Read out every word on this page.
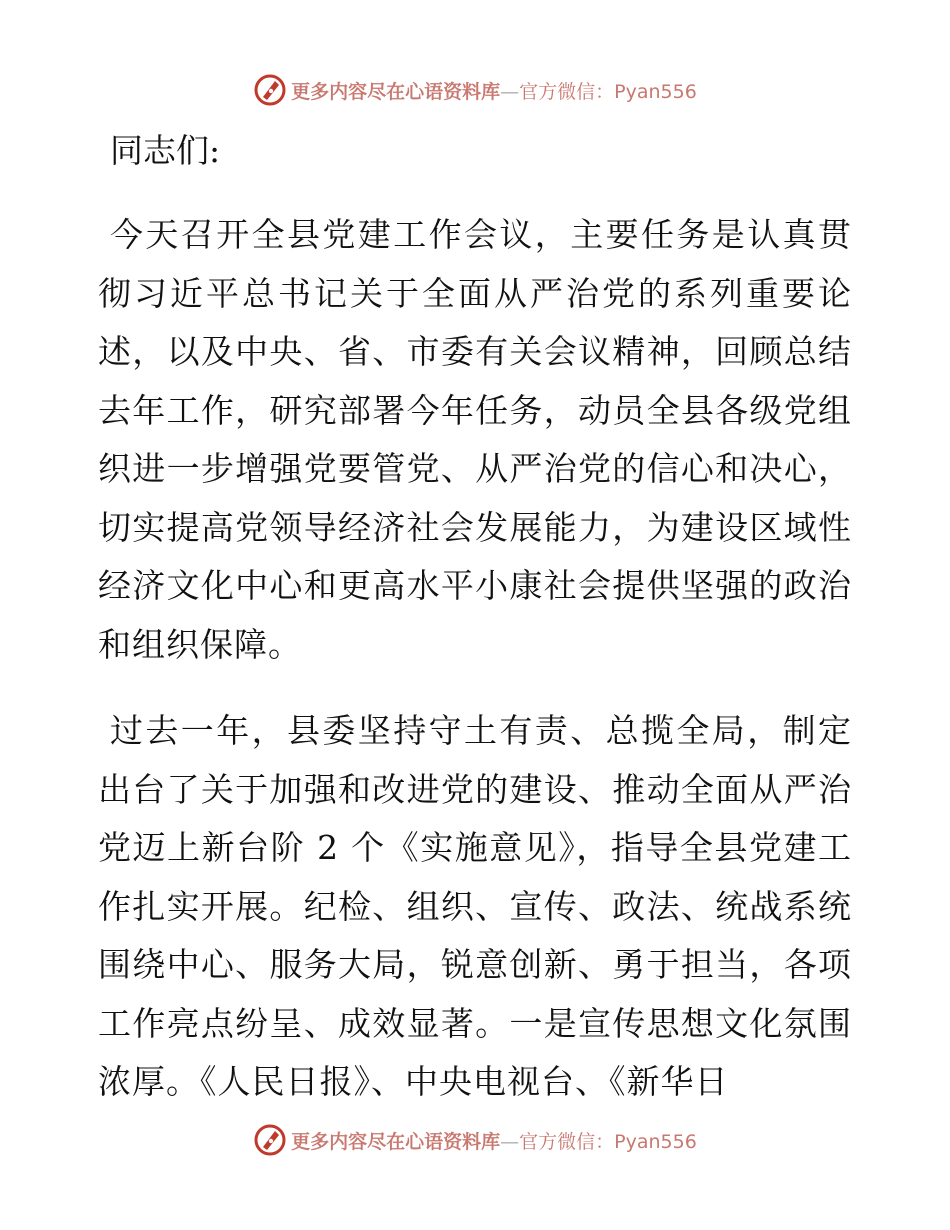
更多内容尽在心语资料库—官方微信：Pyan556
同志们:

今天召开全县党建工作会议，主要任务是认真贯彻习近平总书记关于全面从严治党的系列重要论述，以及中央、省、市委有关会议精神，回顾总结去年工作，研究部署今年任务，动员全县各级党组织进一步增强党要管党、从严治党的信心和决心，切实提高党领导经济社会发展能力，为建设区域性经济文化中心和更高水平小康社会提供坚强的政治和组织保障。

过去一年，县委坚持守土有责、总揽全局，制定出台了关于加强和改进党的建设、推动全面从严治党迈上新台阶 2 个《实施意见》，指导全县党建工作扎实开展。纪检、组织、宣传、政法、统战系统围绕中心、服务大局，锐意创新、勇于担当，各项工作亮点纷呈、成效显著。一是宣传思想文化氛围浓厚。《人民日报》、中央电视台、《新华日

更多内容尽在心语资料库—官方微信：Pyan556
